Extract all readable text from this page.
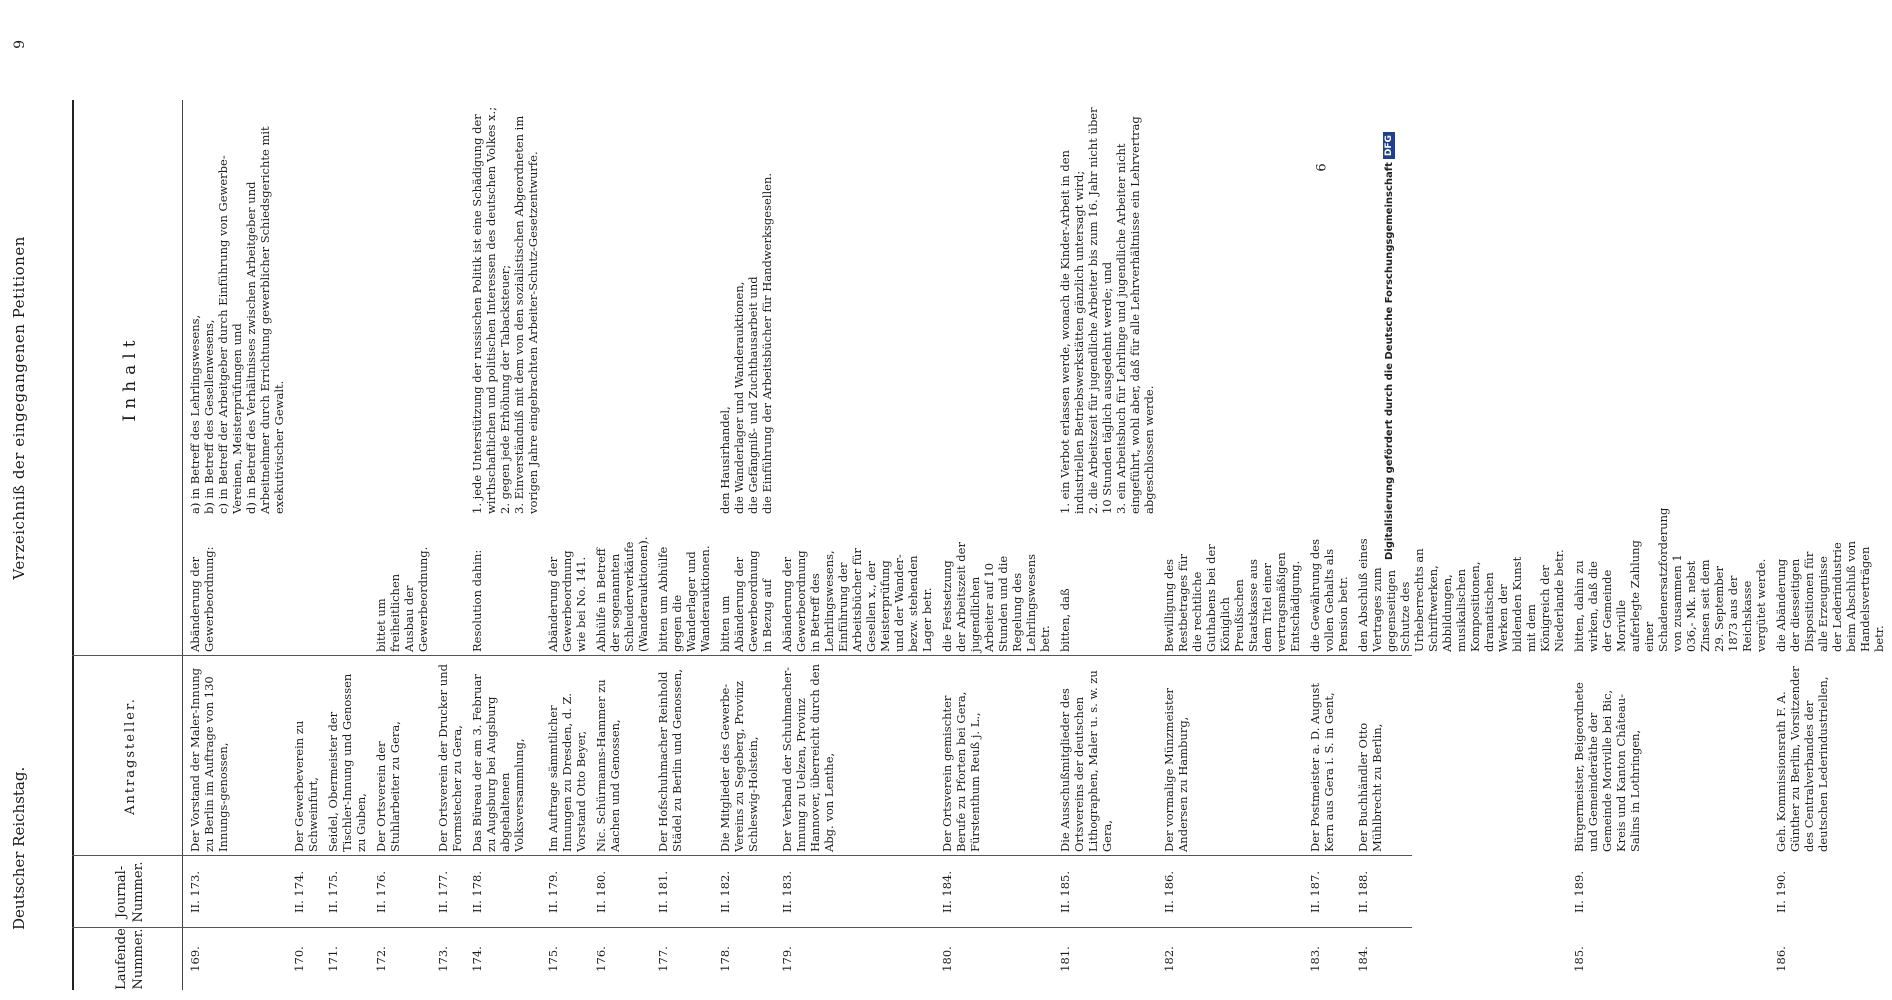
Deutscher Reichstag.
Verzeichniß der eingegangenen Petitionen
9
Laufende Nummer.
Journal-Nummer.
Antragsteller.
Inhalt
169.
II. 173.
Der Vorstand der Maler-Innung zu Berlin im Auftrage von 130 Innungs-genossen,
Abänderung der Gewerbeordnung:
a) in Betreff des Lehrlingswesens, b) in Betreff des Gesellenwesens, c) in Betreff der Arbeitgeber durch Einführung von Gewerbe-Vereinen, Meisterprüfungen und d) in Betreff des Verhältnisses zwischen Arbeitgeber und Arbeitnehmer durch Errichtung gewerblicher Schiedsgerichte mit exekutivischer Gewalt.
170.
II. 174.
Der Gewerbeverein zu Schweinfurt,
171.
II. 175.
Seidel, Obermeister der Tischler-Innung und Genossen zu Guben,
172.
II. 176.
Der Ortsverein der Stuhlarbeiter zu Gera,
bittet um freiheitlichen Ausbau der Gewerbeordnung.
173.
II. 177.
Der Ortsverein der Drucker und Formstecher zu Gera,
174.
II. 178.
Das Büreau der am 3. Februar zu Augsburg bei Augsburg abgehaltenen Volksversammlung,
Resolution dahin:
1. jede Unterstützung der russischen Politik ist eine Schädigung der wirthschaftlichen und politischen Interessen des deutschen Volkes x.; 2. gegen jede Erhöhung der Tabacksteuer; 3. Einverständniß mit dem von den sozialistischen Abgeordneten im vorigen Jahre eingebrachten Arbeiter-Schutz-Gesetzentwurfe.
175.
II. 179.
Im Auftrage sämmtlicher Innungen zu Dresden, d. Z. Vorstand Otto Beyer,
Abänderung der Gewerbeordnung wie bei No. 141.
176.
II. 180.
Nic. Schürmanns-Hammer zu Aachen und Genossen,
Abhülfe in Betreff der sogenannten Schleuderverkäufe (Wanderauktionen).
177.
II. 181.
Der Hofschuhmacher Reinhold Städel zu Berlin und Genossen,
bitten um Abhülfe gegen die Wanderlager und Wanderauktionen.
178.
II. 182.
Die Mitglieder des Gewerbe-Vereins zu Segeberg, Provinz Schleswig-Holstein,
bitten um Abänderung der Gewerbeordnung in Bezug auf
den Hausirhandel, die Wanderlager und Wanderauktionen, die Gefängniß- und Zuchthausarbeit und die Einführung der Arbeitsbücher für Handwerksgesellen.
179.
II. 183.
Der Verband der Schuhmacher-Innung zu Uelzen, Provinz Hannover, überreicht durch den Abg. von Lenthe,
Abänderung der Gewerbeordnung in Betreff des Lehrlingswesens, Einführung der Arbeitsbücher für Gesellen x., der Meisterprüfung und der Wander- bezw. stehenden Lager betr.
180.
II. 184.
Der Ortsverein gemischter Berufe zu Pforten bei Gera, Fürstenthum Reuß j. L.,
die Festsetzung der Arbeitszeit der jugendlichen Arbeiter auf 10 Stunden und die Regelung des Lehrlingswesens betr.
181.
II. 185.
Die Ausschußmitglieder des Ortsvereins der deutschen Lithographen, Maler u. s. w. zu Gera,
bitten, daß
1. ein Verbot erlassen werde, wonach die Kinder-Arbeit in den industriellen Betriebswerkstätten gänzlich untersagt wird; 2. die Arbeitszeit für jugendliche Arbeiter bis zum 16. Jahr nicht über 10 Stunden täglich ausgedehnt werde; und 3. ein Arbeitsbuch für Lehrlinge und jugendliche Arbeiter nicht eingeführt, wohl aber, daß für alle Lehrverhältnisse ein Lehrvertrag abgeschlossen werde.
182.
II. 186.
Der vormalige Münzmeister Andersen zu Hamburg,
Bewilligung des Restbetrages für die rechtliche Guthabens bei der Königlich Preußischen Staatskasse aus dem Titel einer vertragsmäßigen Entschädigung.
183.
II. 187.
Der Postmeister a. D. August Kern aus Gera i. S. in Gent,
die Gewährung des vollen Gehalts als Pension betr.
184.
II. 188.
Der Buchhändler Otto Mühlbrecht zu Berlin,
den Abschluß eines Vertrages zum gegenseitigen Schutze des Urheberrechts an Schriftwerken, Abbildungen, musikalischen Kompositionen, dramatischen Werken der bildenden Kunst mit dem Königreich der Niederlande betr.
185.
II. 189.
Bürgermeister, Beigeordnete und Gemeinderäthe der Gemeinde Moriville bei Bic, Kreis und Kanton Château-Salins in Lothringen,
bitten, dahin zu wirken, daß die der Gemeinde Moriville auferlegte Zahlung einer Schadenersatzforderung von zusammen 1 036,- Mk. nebst Zinsen seit dem 29. September 1873 aus der Reichskasse vergütet werde.
186.
II. 190.
Geh. Kommissionsrath F. A. Günther zu Berlin, Vorsitzender des Centralverbandes der deutschen Lederindustriellen,
die Abänderung der diesseitigen Dispositionen für alle Erzeugnisse der Lederindustrie beim Abschluß von Handelsverträgen betr.
6	Digitalisierung gefördert durch die Deutsche Forschungsgemeinschaft
DFG
